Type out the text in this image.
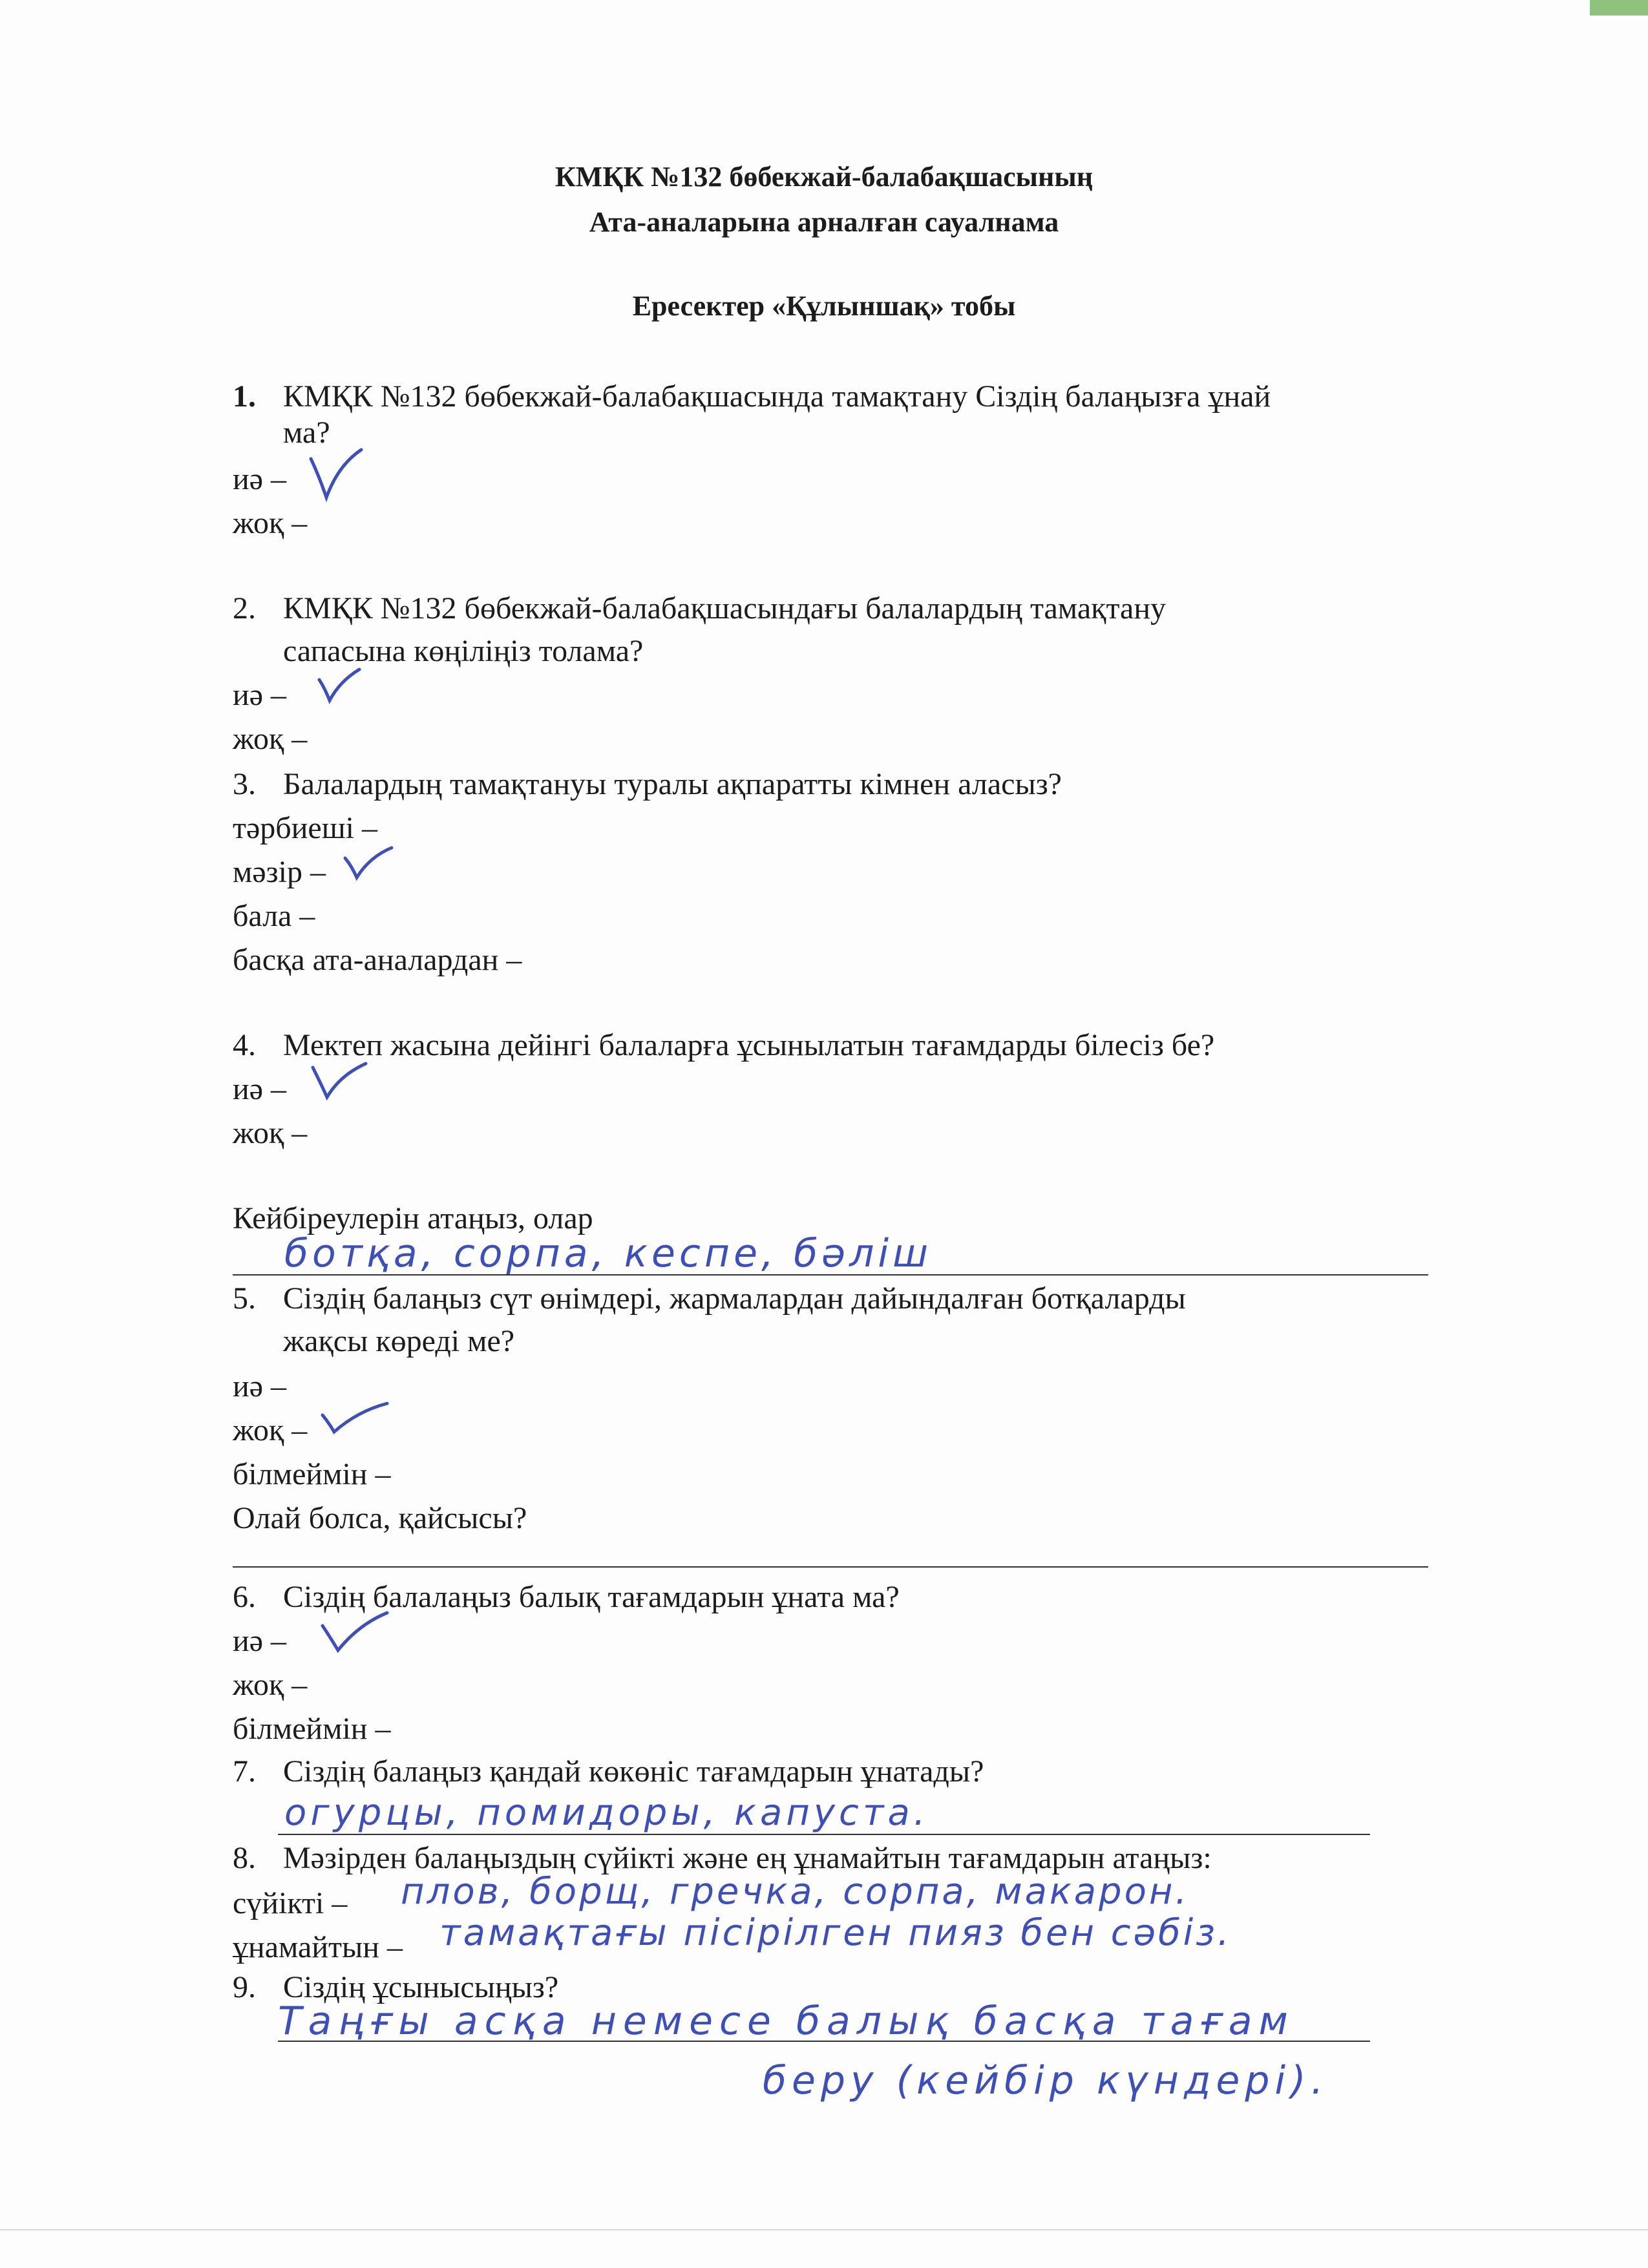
КМҚК №132 бөбекжай-балабақшасының
Ата-аналарына арналған сауалнама
Ересектер «Құлыншақ» тобы
1. КМҚК №132 бөбекжай-балабақшасында тамақтану Сіздің балаңызға ұнай
ма?
иә –
жоқ –
2. КМҚК №132 бөбекжай-балабақшасындағы балалардың тамақтану
сапасына көңіліңіз толама?
иә –
жоқ –
3. Балалардың тамақтануы туралы ақпаратты кімнен аласыз?
тәрбиеші –
мәзір –
бала –
басқа ата-аналардан –
4. Мектеп жасына дейінгі балаларға ұсынылатын тағамдарды білесіз бе?
иә –
жоқ –
Кейбіреулерін атаңыз, олар
ботқа, сорпа, кеспе, бәліш
5. Сіздің балаңыз сүт өнімдері, жармалардан дайындалған ботқаларды
жақсы көреді ме?
иә –
жоқ –
білмеймін –
Олай болса, қайсысы?
6. Сіздің балалаңыз балық тағамдарын ұната ма?
иә –
жоқ –
білмеймін –
7. Сіздің балаңыз қандай көкөніс тағамдарын ұнатады?
огурцы, помидоры, капуста.
8. Мәзірден балаңыздың сүйікті және ең ұнамайтын тағамдарын атаңыз:
сүйікті – плов, борщ, гречка, сорпа, макарон.
ұнамайтын – тамақтағы пісірілген пияз бен сәбіз.
9. Сіздің ұсынысыңыз?
Таңғы асқа немесе балық басқа тағам
беру (кейбір күндері).
